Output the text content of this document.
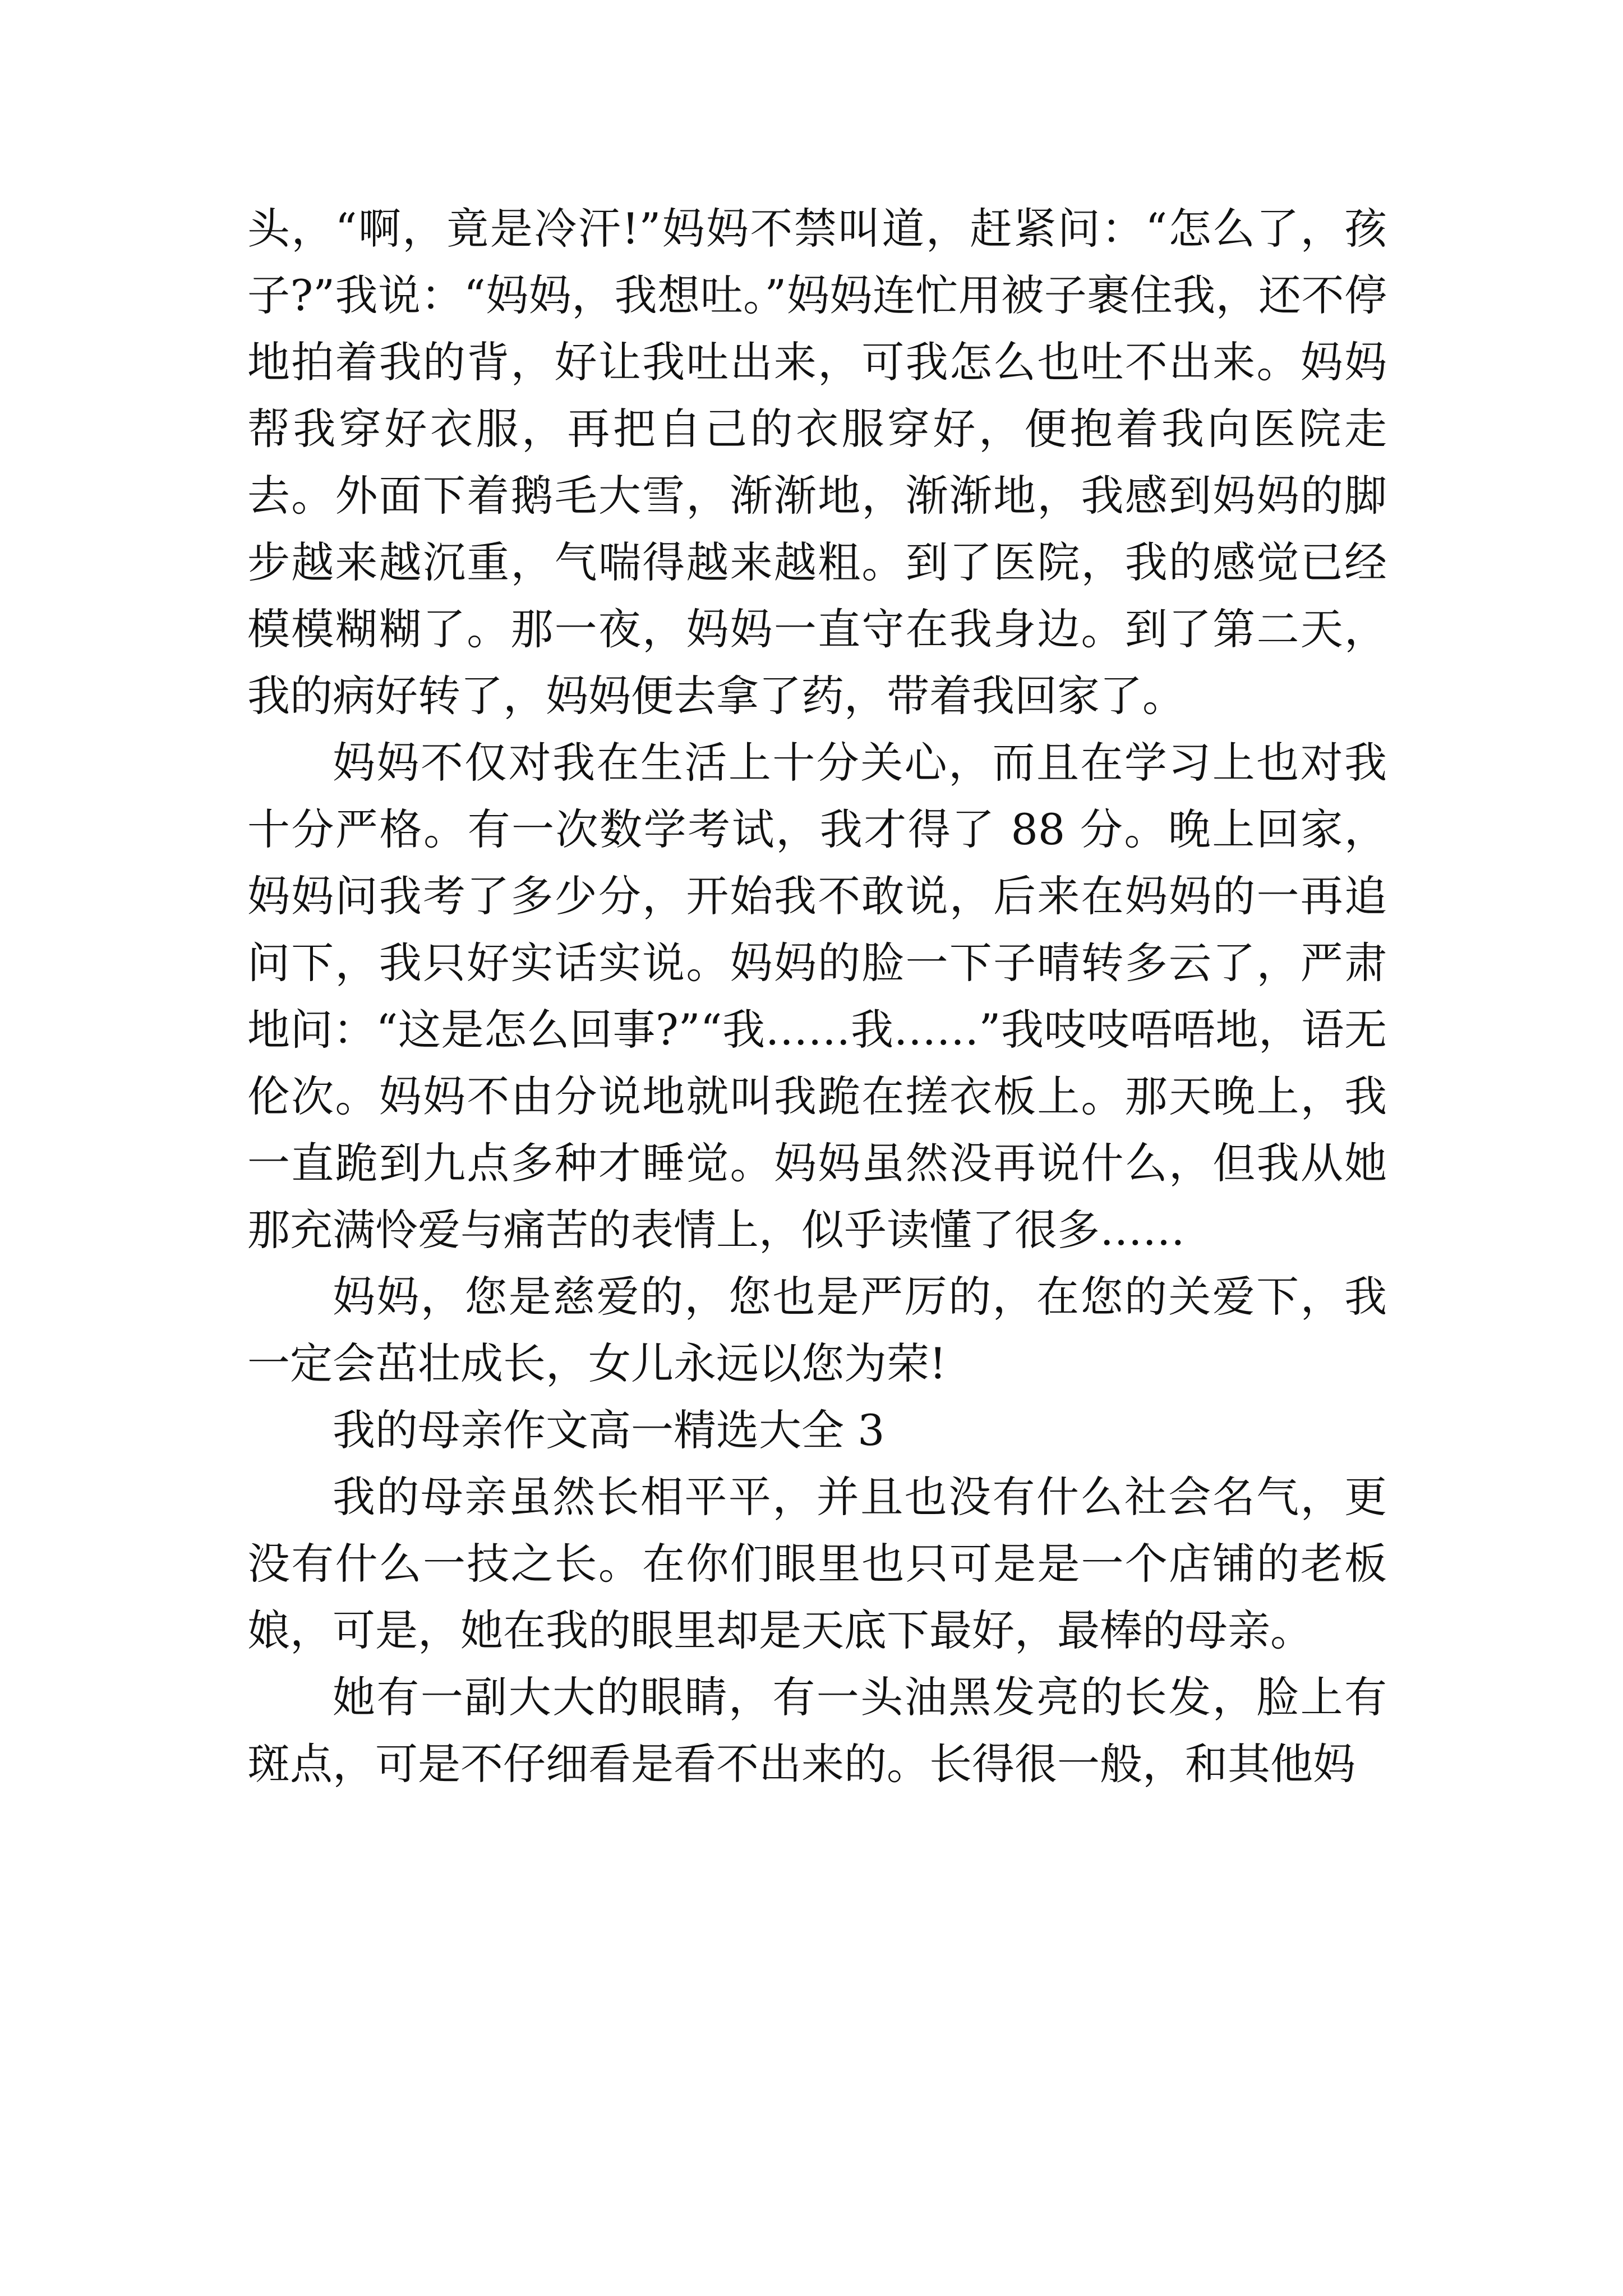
头，“啊，竟是冷汗!”妈妈不禁叫道，赶紧问：“怎么了，孩子?”我说：“妈妈，我想吐。”妈妈连忙用被子裹住我，还不停地拍着我的背，好让我吐出来，可我怎么也吐不出来。妈妈帮我穿好衣服，再把自己的衣服穿好，便抱着我向医院走去。外面下着鹅毛大雪，渐渐地，渐渐地，我感到妈妈的脚步越来越沉重，气喘得越来越粗。到了医院，我的感觉已经模模糊糊了。那一夜，妈妈一直守在我身边。到了第二天，我的病好转了，妈妈便去拿了药，带着我回家了。

妈妈不仅对我在生活上十分关心，而且在学习上也对我十分严格。有一次数学考试，我才得了 88 分。晚上回家，妈妈问我考了多少分，开始我不敢说，后来在妈妈的一再追问下，我只好实话实说。妈妈的脸一下子晴转多云了，严肃地问：“这是怎么回事?”“我……我……”我吱吱唔唔地，语无伦次。妈妈不由分说地就叫我跪在搓衣板上。那天晚上，我一直跪到九点多种才睡觉。妈妈虽然没再说什么，但我从她那充满怜爱与痛苦的表情上，似乎读懂了很多……

妈妈，您是慈爱的，您也是严厉的，在您的关爱下，我一定会茁壮成长，女儿永远以您为荣!

我的母亲作文高一精选大全 3

我的母亲虽然长相平平，并且也没有什么社会名气，更没有什么一技之长。在你们眼里也只可是是一个店铺的老板娘，可是，她在我的眼里却是天底下最好，最棒的母亲。

她有一副大大的眼睛，有一头油黑发亮的长发，脸上有斑点，可是不仔细看是看不出来的。长得很一般，和其他妈
